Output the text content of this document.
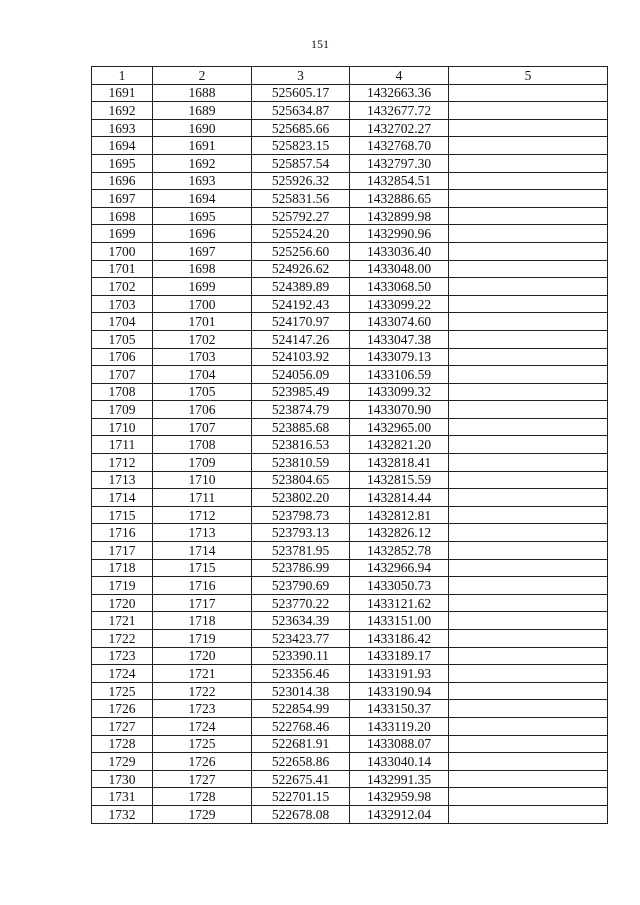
151
1	2	3	4	5
1691	1688	525605.17	1432663.36	
1692	1689	525634.87	1432677.72	
1693	1690	525685.66	1432702.27	
1694	1691	525823.15	1432768.70	
1695	1692	525857.54	1432797.30	
1696	1693	525926.32	1432854.51	
1697	1694	525831.56	1432886.65	
1698	1695	525792.27	1432899.98	
1699	1696	525524.20	1432990.96	
1700	1697	525256.60	1433036.40	
1701	1698	524926.62	1433048.00	
1702	1699	524389.89	1433068.50	
1703	1700	524192.43	1433099.22	
1704	1701	524170.97	1433074.60	
1705	1702	524147.26	1433047.38	
1706	1703	524103.92	1433079.13	
1707	1704	524056.09	1433106.59	
1708	1705	523985.49	1433099.32	
1709	1706	523874.79	1433070.90	
1710	1707	523885.68	1432965.00	
1711	1708	523816.53	1432821.20	
1712	1709	523810.59	1432818.41	
1713	1710	523804.65	1432815.59	
1714	1711	523802.20	1432814.44	
1715	1712	523798.73	1432812.81	
1716	1713	523793.13	1432826.12	
1717	1714	523781.95	1432852.78	
1718	1715	523786.99	1432966.94	
1719	1716	523790.69	1433050.73	
1720	1717	523770.22	1433121.62	
1721	1718	523634.39	1433151.00	
1722	1719	523423.77	1433186.42	
1723	1720	523390.11	1433189.17	
1724	1721	523356.46	1433191.93	
1725	1722	523014.38	1433190.94	
1726	1723	522854.99	1433150.37	
1727	1724	522768.46	1433119.20	
1728	1725	522681.91	1433088.07	
1729	1726	522658.86	1433040.14	
1730	1727	522675.41	1432991.35	
1731	1728	522701.15	1432959.98	
1732	1729	522678.08	1432912.04	
